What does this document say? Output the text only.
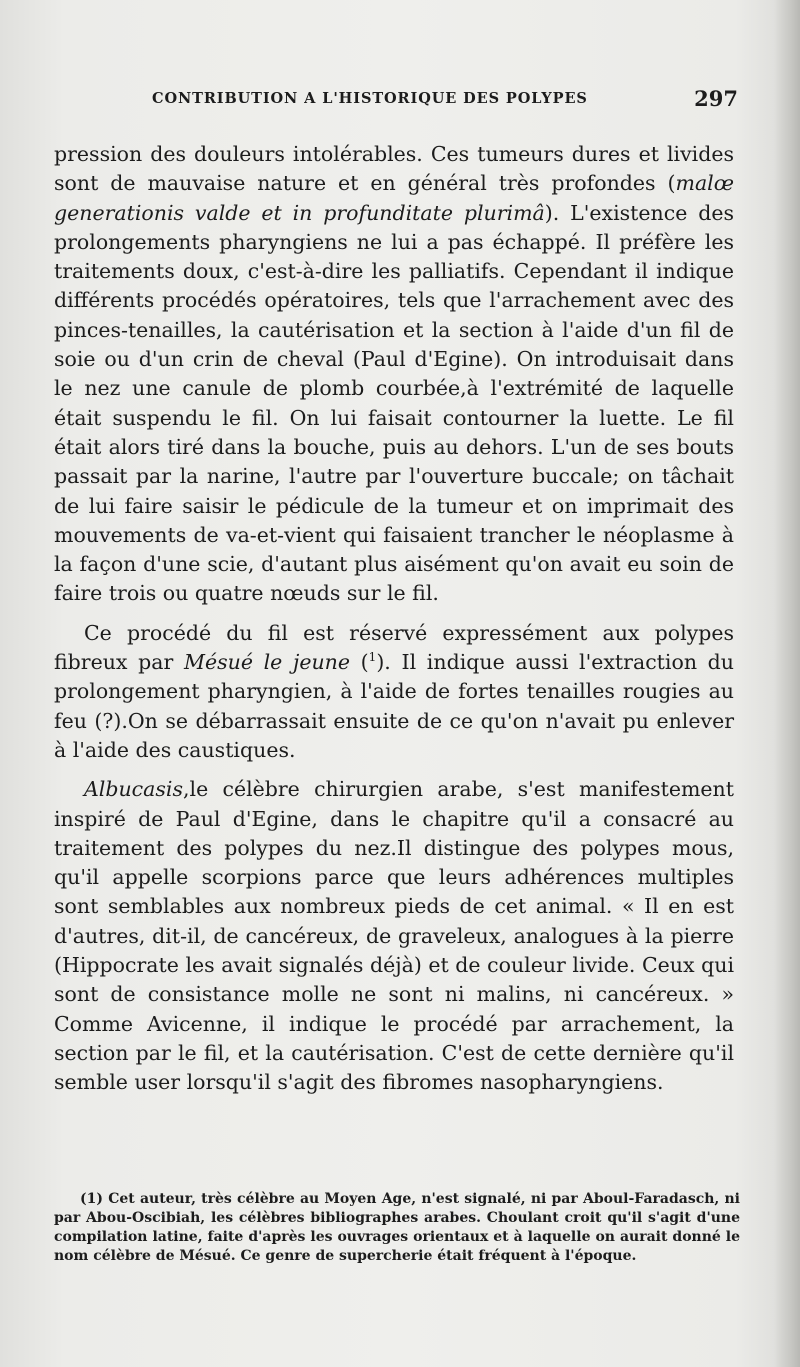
CONTRIBUTION A L'HISTORIQUE DES POLYPES	297

pression des douleurs intolérables. Ces tumeurs dures et livides sont de mauvaise nature et en général très profondes (malœ generationis valde et in profunditate plurimâ). L'existence des prolongements pharyngiens ne lui a pas échappé. Il préfère les traitements doux, c'est-à-dire les palliatifs. Cependant il indique différents procédés opératoires, tels que l'arrachement avec des pinces-tenailles, la cautérisation et la section à l'aide d'un fil de soie ou d'un crin de cheval (Paul d'Egine). On introduisait dans le nez une canule de plomb courbée,à l'extrémité de laquelle était suspendu le fil. On lui faisait contourner la luette. Le fil était alors tiré dans la bouche, puis au dehors. L'un de ses bouts passait par la narine, l'autre par l'ouverture buccale; on tâchait de lui faire saisir le pédicule de la tumeur et on imprimait des mouvements de va-et-vient qui faisaient trancher le néoplasme à la façon d'une scie, d'autant plus aisément qu'on avait eu soin de faire trois ou quatre nœuds sur le fil.

Ce procédé du fil est réservé expressément aux polypes fibreux par Mésué le jeune ($^1$). Il indique aussi l'extraction du prolongement pharyngien, à l'aide de fortes tenailles rougies au feu (?).On se débarrassait ensuite de ce qu'on n'avait pu enlever à l'aide des caustiques.

Albucasis,le célèbre chirurgien arabe, s'est manifestement inspiré de Paul d'Egine, dans le chapitre qu'il a consacré au traitement des polypes du nez.Il distingue des polypes mous, qu'il appelle scorpions parce que leurs adhérences multiples sont semblables aux nombreux pieds de cet animal. « Il en est d'autres, dit-il, de cancéreux, de graveleux, analogues à la pierre (Hippocrate les avait signalés déjà) et de couleur livide. Ceux qui sont de consistance molle ne sont ni malins, ni cancéreux. » Comme Avicenne, il indique le procédé par arrachement, la section par le fil, et la cautérisation. C'est de cette dernière qu'il semble user lorsqu'il s'agit des fibromes nasopharyngiens.

(1) Cet auteur, très célèbre au Moyen Age, n'est signalé, ni par Aboul-Faradasch, ni par Abou-Oscibiah, les célèbres bibliographes arabes. Choulant croit qu'il s'agit d'une compilation latine, faite d'après les ouvrages orientaux et à laquelle on aurait donné le nom célèbre de Mésué. Ce genre de supercherie était fréquent à l'époque.
